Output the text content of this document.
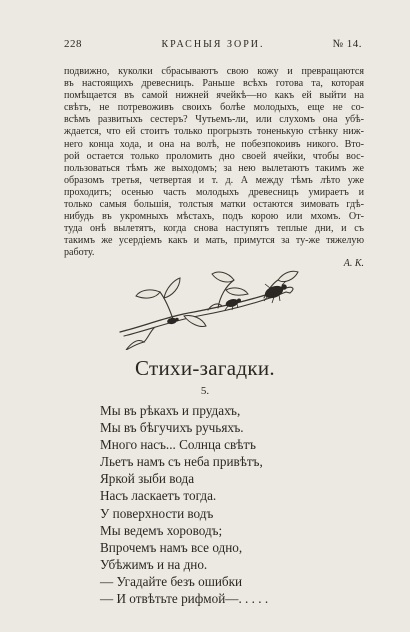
228	КРАСНЫЯ ЗОРИ.	№ 14.
подвижно, куколки сбрасываютъ свою кожу и превращаются
въ настоящихъ древесницъ. Раньше всѣхъ готова та, которая
помѣщается въ самой нижней ячейкѣ—но какъ ей выйти на
свѣтъ, не потревоживъ своихъ болѣе молодыхъ, еще не со-
всѣмъ развитыхъ сестеръ? Чутьемъ-ли, или слухомъ она убѣ-
ждается, что ей стоитъ только прогрызть тоненькую стѣнку ниж-
него конца хода, и она на волѣ, не побезпокоивъ никого. Вто-
рой остается только проломить дно своей ячейки, чтобы вос-
пользоваться тѣмъ же выходомъ; за нею вылетаютъ такимъ же
образомъ третья, четвертая и т. д. А между тѣмъ лѣто уже
проходитъ; осенью часть молодыхъ древесницъ умираетъ и
только самыя большія, толстыя матки остаются зимовать гдѣ-
нибудь въ укромныхъ мѣстахъ, подъ корою или мхомъ. От-
туда онѣ вылетятъ, когда снова наступятъ теплые дни, и съ
такимъ же усердіемъ какъ и мать, примутся за ту-же тяжелую
работу.
А. К.
Стихи-загадки.
5.
Мы въ рѣкахъ и прудахъ,
Мы въ бѣгучихъ ручьяхъ.
Много насъ... Солнца свѣтъ
Льетъ намъ съ неба привѣтъ,
Яркой зыби вода
Насъ ласкаетъ тогда.
У поверхности водъ
Мы ведемъ хороводъ;
Впрочемъ намъ все одно,
Убѣжимъ и на дно.
— Угадайте безъ ошибки
— И отвѣтьте рифмой—. . . . .
